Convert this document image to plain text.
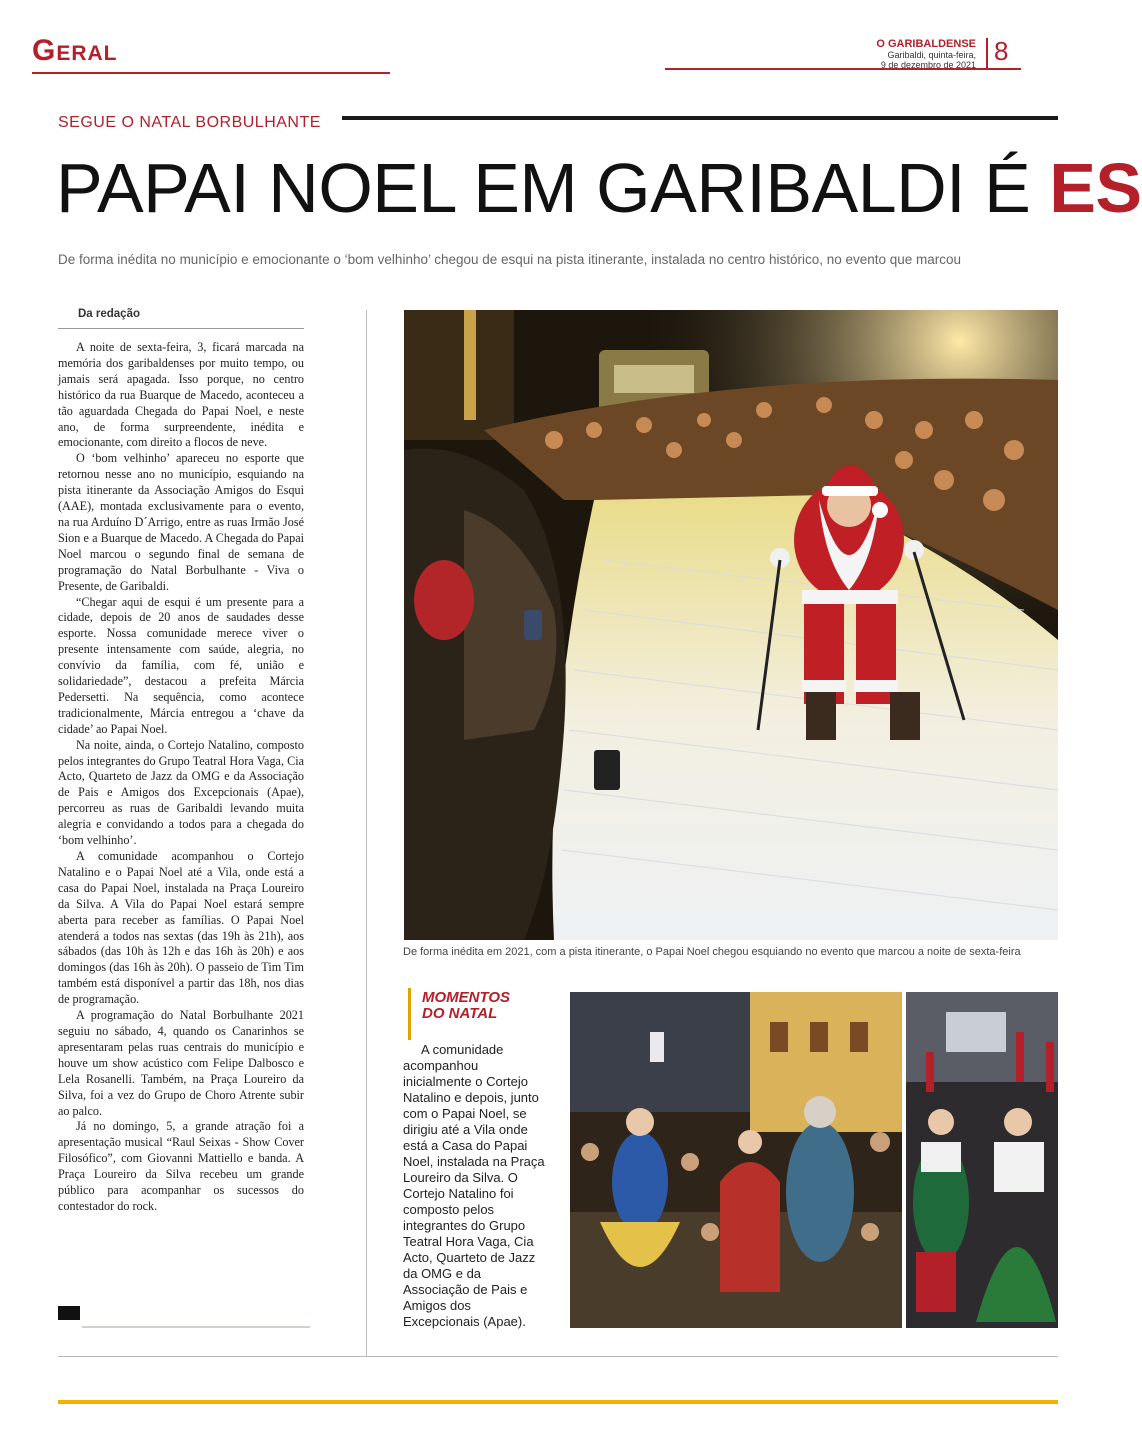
Geral	O GARIBALDENSE
Garibaldi, quinta-feira,
9 de dezembro de 2021 8
SEGUE O NATAL BORBULHANTE
PAPAI NOEL EM GARIBALDI É ES
De forma inédita no município e emocionante o ‘bom velhinho’ chegou de esqui na pista itinerante, instalada no centro histórico, no evento que marcou
Da redação

A noite de sexta-feira, 3, ficará marcada na memória dos garibaldenses por muito tempo, ou jamais será apagada. Isso porque, no centro histórico da rua Buarque de Macedo, aconteceu a tão aguardada Chegada do Papai Noel, e neste ano, de forma surpreendente, inédita e emocionante, com direito a flocos de neve.

O ‘bom velhinho’ apareceu no esporte que retornou nesse ano no município, esquiando na pista itinerante da Associação Amigos do Esqui (AAE), montada exclusivamente para o evento, na rua Arduíno D´Arrigo, entre as ruas Irmão José Sion e a Buarque de Macedo. A Chegada do Papai Noel marcou o segundo final de semana de programação do Natal Borbulhante - Viva o Presente, de Garibaldi.

“Chegar aqui de esqui é um presente para a cidade, depois de 20 anos de saudades desse esporte. Nossa comunidade merece viver o presente intensamente com saúde, alegria, no convívio da família, com fé, união e solidariedade”, destacou a prefeita Márcia Pedersetti. Na sequência, como acontece tradicionalmente, Márcia entregou a ‘chave da cidade’ ao Papai Noel.

Na noite, ainda, o Cortejo Natalino, composto pelos integrantes do Grupo Teatral Hora Vaga, Cia Acto, Quarteto de Jazz da OMG e da Associação de Pais e Amigos dos Excepcionais (Apae), percorreu as ruas de Garibaldi levando muita alegria e convidando a todos para a chegada do ‘bom velhinho’.

A comunidade acompanhou o Cortejo Natalino e o Papai Noel até a Vila, onde está a casa do Papai Noel, instalada na Praça Loureiro da Silva. A Vila do Papai Noel estará sempre aberta para receber as famílias. O Papai Noel atenderá a todos nas sextas (das 19h às 21h), aos sábados (das 10h às 12h e das 16h às 20h) e aos domingos (das 16h às 20h). O passeio de Tim Tim também está disponível a partir das 18h, nos dias de programação.

A programação do Natal Borbulhante 2021 seguiu no sábado, 4, quando os Canarinhos se apresentaram pelas ruas centrais do município e houve um show acústico com Felipe Dalbosco e Lela Rosanelli. Também, na Praça Loureiro da Silva, foi a vez do Grupo de Choro Atrente subir ao palco.

Já no domingo, 5, a grande atração foi a apresentação musical “Raul Seixas - Show Cover Filosófico”, com Giovanni Mattiello e banda. A Praça Loureiro da Silva recebeu um grande público para acompanhar os sucessos do contestador do rock.

De forma inédita em 2021, com a pista itinerante, o Papai Noel chegou esquiando no evento que marcou a noite de sexta-feira
MOMENTOS
DO NATAL

A comunidade acompanhou inicialmente o Cortejo Natalino e depois, junto com o Papai Noel, se dirigiu até a Vila onde está a Casa do Papai Noel, instalada na Praça Loureiro da Silva. O Cortejo Natalino foi composto pelos integrantes do Grupo Teatral Hora Vaga, Cia Acto, Quarteto de Jazz da OMG e da Associação de Pais e Amigos dos Excepcionais (Apae).
